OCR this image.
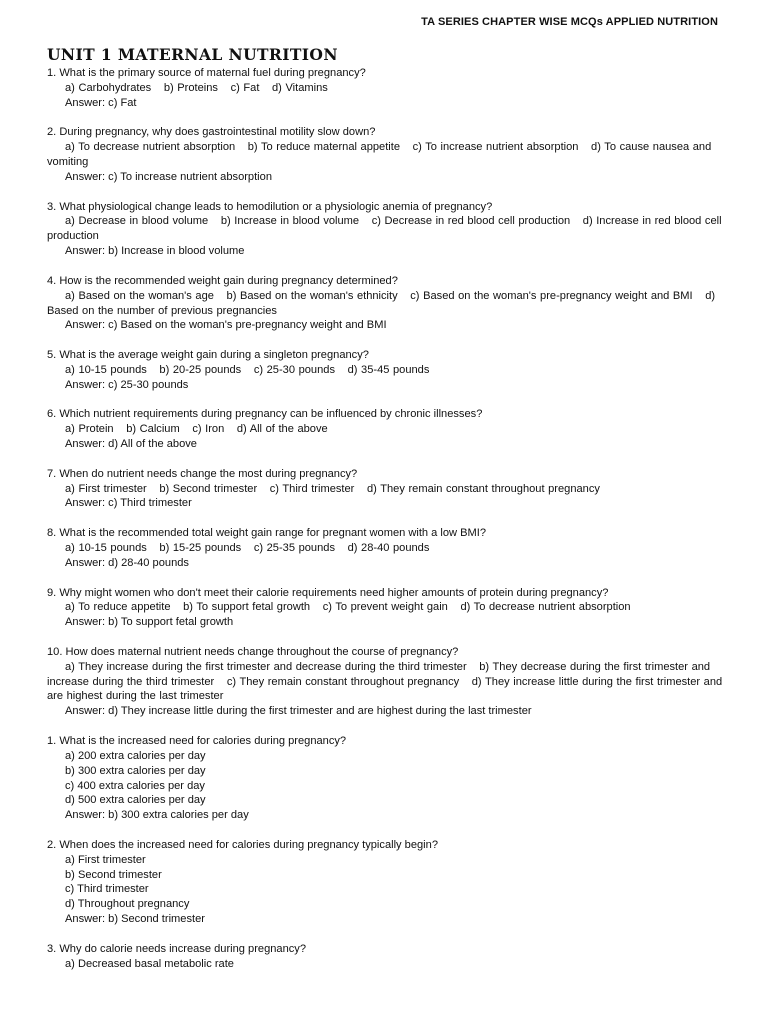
TA SERIES CHAPTER WISE MCQs APPLIED NUTRITION
UNIT 1 MATERNAL NUTRITION

1. What is the primary source of maternal fuel during pregnancy?

a) Carbohydrates b) Proteins c) Fat d) Vitamins

Answer: c) Fat

2. During pregnancy, why does gastrointestinal motility slow down?

a) To decrease nutrient absorption b) To reduce maternal appetite c) To increase nutrient absorption d) To cause nausea and vomiting

Answer: c) To increase nutrient absorption

3. What physiological change leads to hemodilution or a physiologic anemia of pregnancy?

a) Decrease in blood volume b) Increase in blood volume c) Decrease in red blood cell production d) Increase in red blood cell production

Answer: b) Increase in blood volume

4. How is the recommended weight gain during pregnancy determined?

a) Based on the woman's age b) Based on the woman's ethnicity c) Based on the woman's pre-pregnancy weight and BMI d) Based on the number of previous pregnancies

Answer: c) Based on the woman's pre-pregnancy weight and BMI

5. What is the average weight gain during a singleton pregnancy?

a) 10-15 pounds b) 20-25 pounds c) 25-30 pounds d) 35-45 pounds

Answer: c) 25-30 pounds

6. Which nutrient requirements during pregnancy can be influenced by chronic illnesses?

a) Protein b) Calcium c) Iron d) All of the above

Answer: d) All of the above

7. When do nutrient needs change the most during pregnancy?

a) First trimester b) Second trimester c) Third trimester d) They remain constant throughout pregnancy

Answer: c) Third trimester

8. What is the recommended total weight gain range for pregnant women with a low BMI?

a) 10-15 pounds b) 15-25 pounds c) 25-35 pounds d) 28-40 pounds

Answer: d) 28-40 pounds

9. Why might women who don't meet their calorie requirements need higher amounts of protein during pregnancy?

a) To reduce appetite b) To support fetal growth c) To prevent weight gain d) To decrease nutrient absorption

Answer: b) To support fetal growth

10. How does maternal nutrient needs change throughout the course of pregnancy?

a) They increase during the first trimester and decrease during the third trimester b) They decrease during the first trimester and increase during the third trimester c) They remain constant throughout pregnancy d) They increase little during the first trimester and are highest during the last trimester

Answer: d) They increase little during the first trimester and are highest during the last trimester

1. What is the increased need for calories during pregnancy?

a) 200 extra calories per day

b) 300 extra calories per day

c) 400 extra calories per day

d) 500 extra calories per day

Answer: b) 300 extra calories per day

2. When does the increased need for calories during pregnancy typically begin?

a) First trimester

b) Second trimester

c) Third trimester

d) Throughout pregnancy

Answer: b) Second trimester

3. Why do calorie needs increase during pregnancy?

a) Decreased basal metabolic rate
